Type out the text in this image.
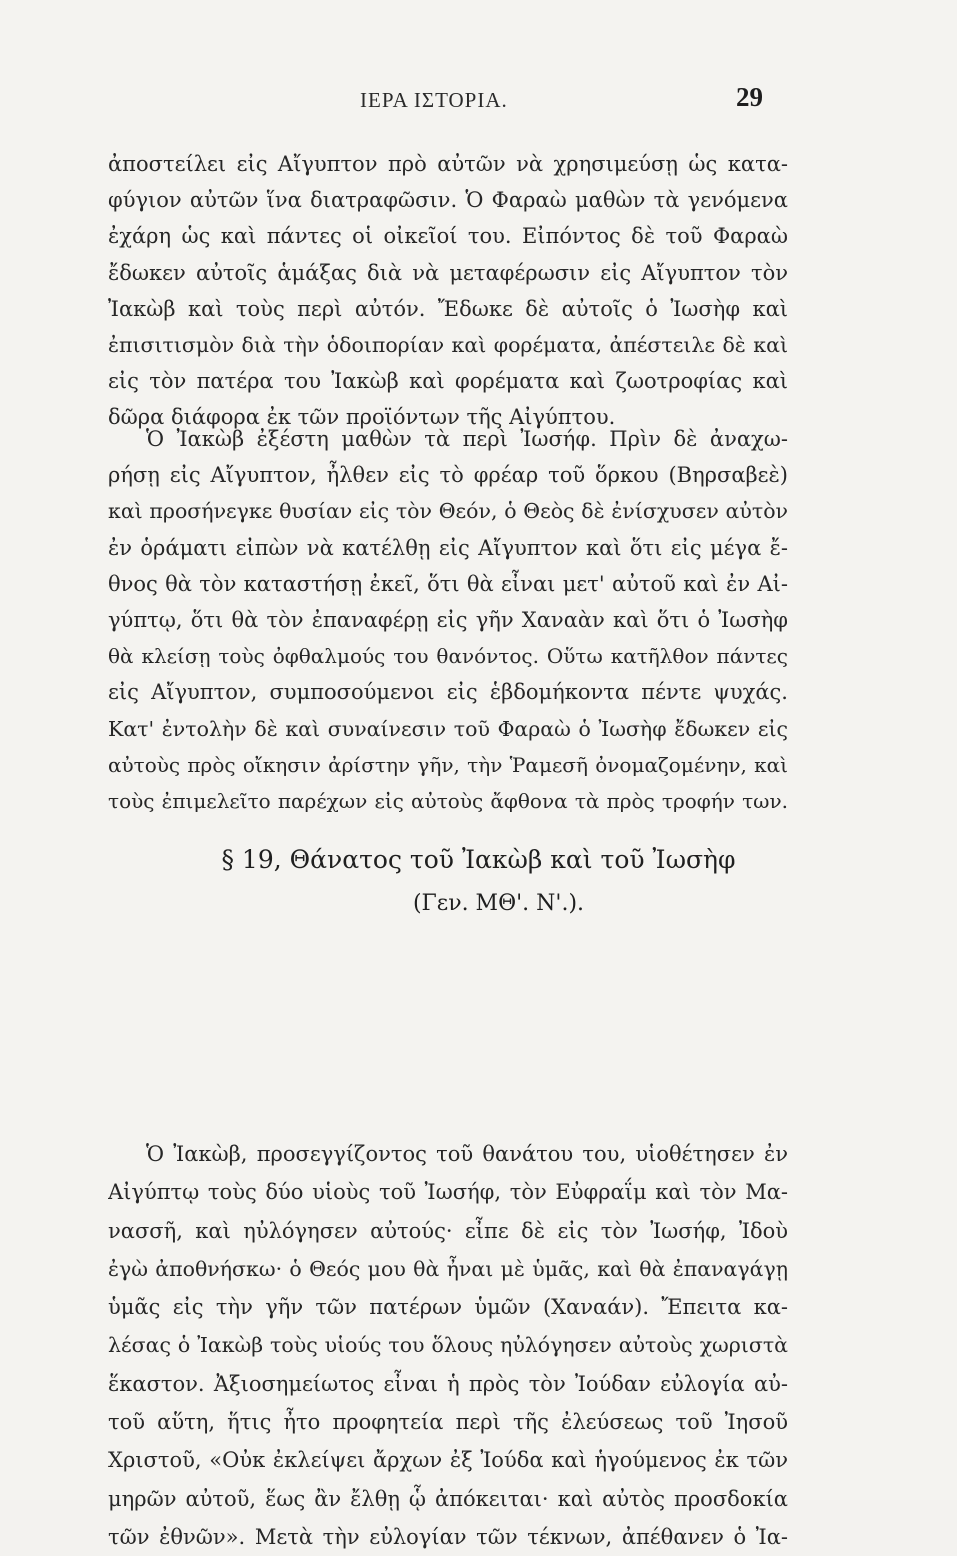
ΙΕΡΑ ΙΣΤΟΡΙΑ.	29
ἀποστείλει εἰς Αἴγυπτον πρὸ αὐτῶν νὰ χρησιμεύσῃ ὡς κατα-
φύγιον αὐτῶν ἵνα διατραφῶσιν. Ὁ Φαραὼ μαθὼν τὰ γενόμενα
ἐχάρη ὡς καὶ πάντες οἱ οἰκεῖοί του. Εἰπόντος δὲ τοῦ Φαραὼ
ἔδωκεν αὐτοῖς ἁμάξας διὰ νὰ μεταφέρωσιν εἰς Αἴγυπτον τὸν
Ἰακὼβ καὶ τοὺς περὶ αὐτόν. Ἔδωκε δὲ αὐτοῖς ὁ Ἰωσὴφ καὶ
ἐπισιτισμὸν διὰ τὴν ὁδοιπορίαν καὶ φορέματα, ἀπέστειλε δὲ καὶ
εἰς τὸν πατέρα του Ἰακὼβ καὶ φορέματα καὶ ζωοτροφίας καὶ
δῶρα διάφορα ἐκ τῶν προϊόντων τῆς Αἰγύπτου.
Ὁ Ἰακὼβ ἐξέστη μαθὼν τὰ περὶ Ἰωσήφ. Πρὶν δὲ ἀναχω-
ρήσῃ εἰς Αἴγυπτον, ἦλθεν εἰς τὸ φρέαρ τοῦ ὅρκου (Βηρσαβεὲ)
καὶ προσήνεγκε θυσίαν εἰς τὸν Θεόν, ὁ Θεὸς δὲ ἐνίσχυσεν αὐτὸν
ἐν ὁράματι εἰπὼν νὰ κατέλθῃ εἰς Αἴγυπτον καὶ ὅτι εἰς μέγα ἔ-
θνος θὰ τὸν καταστήσῃ ἐκεῖ, ὅτι θὰ εἶναι μετ' αὐτοῦ καὶ ἐν Αἰ-
γύπτῳ, ὅτι θὰ τὸν ἐπαναφέρῃ εἰς γῆν Χαναὰν καὶ ὅτι ὁ Ἰωσὴφ
θὰ κλείσῃ τοὺς ὀφθαλμούς του θανόντος. Οὕτω κατῆλθον πάντες
εἰς Αἴγυπτον, συμποσούμενοι εἰς ἑβδομήκοντα πέντε ψυχάς.
Κατ' ἐντολὴν δὲ καὶ συναίνεσιν τοῦ Φαραὼ ὁ Ἰωσὴφ ἔδωκεν εἰς
αὐτοὺς πρὸς οἴκησιν ἀρίστην γῆν, τὴν Ῥαμεσῆ ὀνομαζομένην, καὶ
τοὺς ἐπιμελεῖτο παρέχων εἰς αὐτοὺς ἄφθονα τὰ πρὸς τροφήν των.
§ 19, Θάνατος τοῦ Ἰακὼβ καὶ τοῦ Ἰωσὴφ
(Γεν. ΜΘ'. Ν'.).
Ὁ Ἰακὼβ, προσεγγίζοντος τοῦ θανάτου του, υἱοθέτησεν ἐν
Αἰγύπτῳ τοὺς δύο υἱοὺς τοῦ Ἰωσήφ, τὸν Εὐφραΐμ καὶ τὸν Μα-
νασσῆ, καὶ ηὐλόγησεν αὐτούς· εἶπε δὲ εἰς τὸν Ἰωσήφ, Ἰδοὺ
ἐγὼ ἀποθνήσκω· ὁ Θεός μου θὰ ἦναι μὲ ὑμᾶς, καὶ θὰ ἐπαναγάγῃ
ὑμᾶς εἰς τὴν γῆν τῶν πατέρων ὑμῶν (Χαναάν). Ἔπειτα κα-
λέσας ὁ Ἰακὼβ τοὺς υἱούς του ὅλους ηὐλόγησεν αὐτοὺς χωριστὰ
ἕκαστον. Ἀξιοσημείωτος εἶναι ἡ πρὸς τὸν Ἰούδαν εὐλογία αὐ-
τοῦ αὕτη, ἥτις ἦτο προφητεία περὶ τῆς ἐλεύσεως τοῦ Ἰησοῦ
Χριστοῦ, «Οὐκ ἐκλείψει ἄρχων ἐξ Ἰούδα καὶ ἡγούμενος ἐκ τῶν
μηρῶν αὐτοῦ, ἕως ἂν ἔλθῃ ᾧ ἀπόκειται· καὶ αὐτὸς προσδοκία
τῶν ἐθνῶν». Μετὰ τὴν εὐλογίαν τῶν τέκνων, ἀπέθανεν ὁ Ἰα-
